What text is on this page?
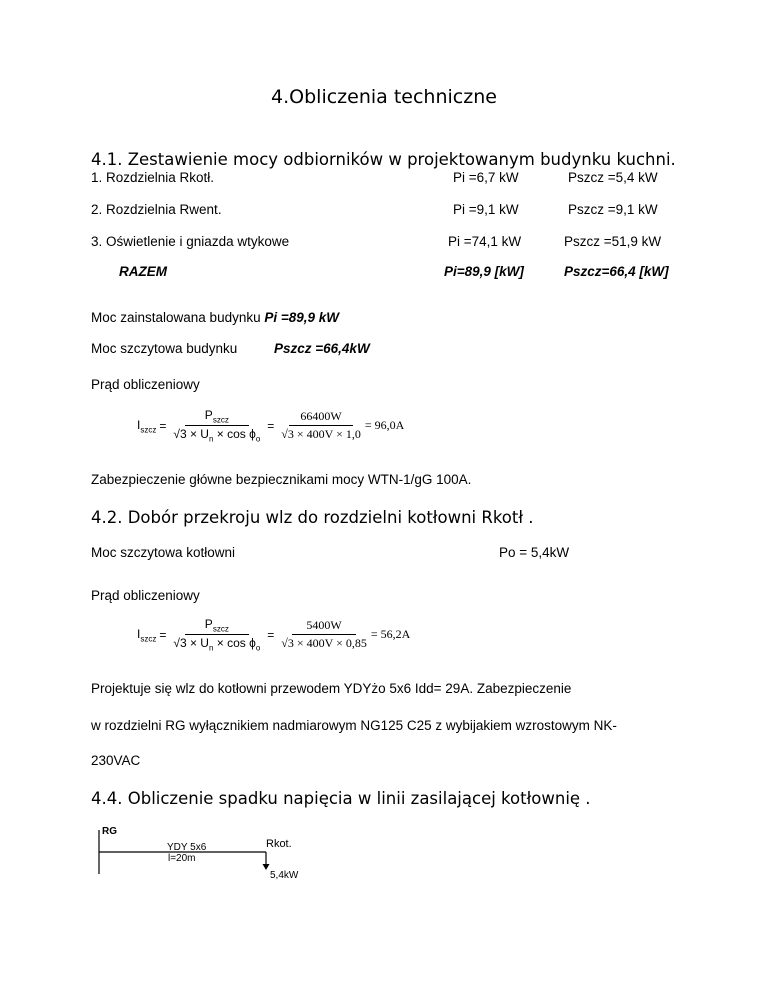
4.Obliczenia techniczne
4.1. Zestawienie mocy odbiorników w projektowanym budynku kuchni.
1. Rozdzielnia Rkotł.	Pi =6,7 kW	Pszcz =5,4 kW
2. Rozdzielnia Rwent.	Pi =9,1 kW	Pszcz =9,1 kW
3. Oświetlenie i gniazda wtykowe	Pi =74,1 kW	Pszcz =51,9 kW
RAZEM	Pi=89,9 [kW]	Pszcz=66,4 [kW]
Moc zainstalowana budynku Pi =89,9 kW
Moc szczytowa budynku	Pszcz =66,4kW
Prąd obliczeniowy
$I_{szcz} = \frac{P_{szcz}}{√3 \times U_n \times \cos \phi_o} = \frac{66400W}{√3 \times 400V \times 1,0} = 96,0A$
Zabezpieczenie główne bezpiecznikami mocy WTN-1/gG 100A.
4.2. Dobór przekroju wlz do rozdzielni kotłowni Rkotł .
Moc szczytowa kotłowni	Po = 5,4kW
Prąd obliczeniowy
$I_{szcz} = \frac{P_{szcz}}{√3 \times U_n \times \cos \phi_o} = \frac{5400W}{√3 \times 400V \times 0,85} = 56,2A$
Projektuje się wlz do kotłowni przewodem YDYżo 5x6 Idd= 29A. Zabezpieczenie
w rozdzielni RG wyłącznikiem nadmiarowym NG125 C25 z wybijakiem wzrostowym NK-
230VAC
4.4. Obliczenie spadku napięcia w linii zasilającej kotłownię .
RG
YDY 5x6
l=20m
Rkot.
5,4kW
